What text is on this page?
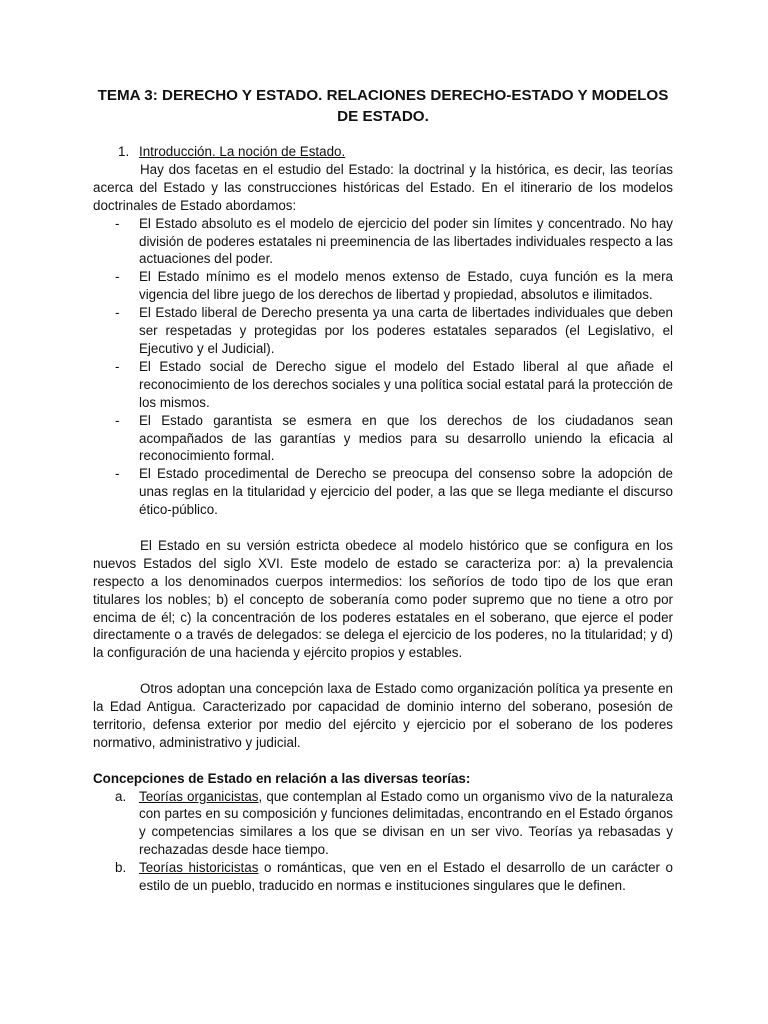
TEMA 3: DERECHO Y ESTADO. RELACIONES DERECHO-ESTADO Y MODELOS DE ESTADO.
1. Introducción. La noción de Estado.

Hay dos facetas en el estudio del Estado: la doctrinal y la histórica, es decir, las teorías acerca del Estado y las construcciones históricas del Estado. En el itinerario de los modelos doctrinales de Estado abordamos:

- El Estado absoluto es el modelo de ejercicio del poder sin límites y concentrado. No hay división de poderes estatales ni preeminencia de las libertades individuales respecto a las actuaciones del poder.
- El Estado mínimo es el modelo menos extenso de Estado, cuya función es la mera vigencia del libre juego de los derechos de libertad y propiedad, absolutos e ilimitados.
- El Estado liberal de Derecho presenta ya una carta de libertades individuales que deben ser respetadas y protegidas por los poderes estatales separados (el Legislativo, el Ejecutivo y el Judicial).
- El Estado social de Derecho sigue el modelo del Estado liberal al que añade el reconocimiento de los derechos sociales y una política social estatal pará la protección de los mismos.
- El Estado garantista se esmera en que los derechos de los ciudadanos sean acompañados de las garantías y medios para su desarrollo uniendo la eficacia al reconocimiento formal.
- El Estado procedimental de Derecho se preocupa del consenso sobre la adopción de unas reglas en la titularidad y ejercicio del poder, a las que se llega mediante el discurso ético-público.

El Estado en su versión estricta obedece al modelo histórico que se configura en los nuevos Estados del siglo XVI. Este modelo de estado se caracteriza por: a) la prevalencia respecto a los denominados cuerpos intermedios: los señoríos de todo tipo de los que eran titulares los nobles; b) el concepto de soberanía como poder supremo que no tiene a otro por encima de él; c) la concentración de los poderes estatales en el soberano, que ejerce el poder directamente o a través de delegados: se delega el ejercicio de los poderes, no la titularidad; y d) la configuración de una hacienda y ejército propios y estables.

Otros adoptan una concepción laxa de Estado como organización política ya presente en la Edad Antigua. Caracterizado por capacidad de dominio interno del soberano, posesión de territorio, defensa exterior por medio del ejército y ejercicio por el soberano de los poderes normativo, administrativo y judicial.

Concepciones de Estado en relación a las diversas teorías:

a. Teorías organicistas, que contemplan al Estado como un organismo vivo de la naturaleza con partes en su composición y funciones delimitadas, encontrando en el Estado órganos y competencias similares a los que se divisan en un ser vivo. Teorías ya rebasadas y rechazadas desde hace tiempo.
b. Teorías historicistas o románticas, que ven en el Estado el desarrollo de un carácter o estilo de un pueblo, traducido en normas e instituciones singulares que le definen.
